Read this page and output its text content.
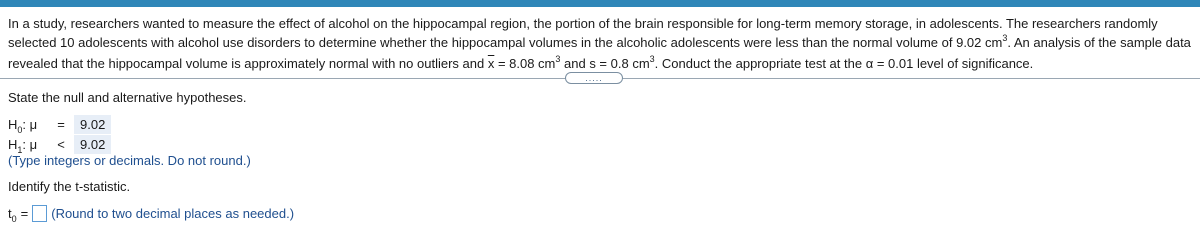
In a study, researchers wanted to measure the effect of alcohol on the hippocampal region, the portion of the brain responsible for long-term memory storage, in adolescents. The researchers randomly selected 10 adolescents with alcohol use disorders to determine whether the hippocampal volumes in the alcoholic adolescents were less than the normal volume of 9.02 $cm^3$. An analysis of the sample data revealed that the hippocampal volume is approximately normal with no outliers and $\overline{x} = 8.08$ $cm^3$ and s = 0.8 $cm^3$. Conduct the appropriate test at the α = 0.01 level of significance.

.....
State the null and alternative hypotheses.
$H_0$: μ	=	9.02
$H_1$: μ	<	9.02
(Type integers or decimals. Do not round.)
Identify the t-statistic.
$t_0$ = (Round to two decimal places as needed.)
